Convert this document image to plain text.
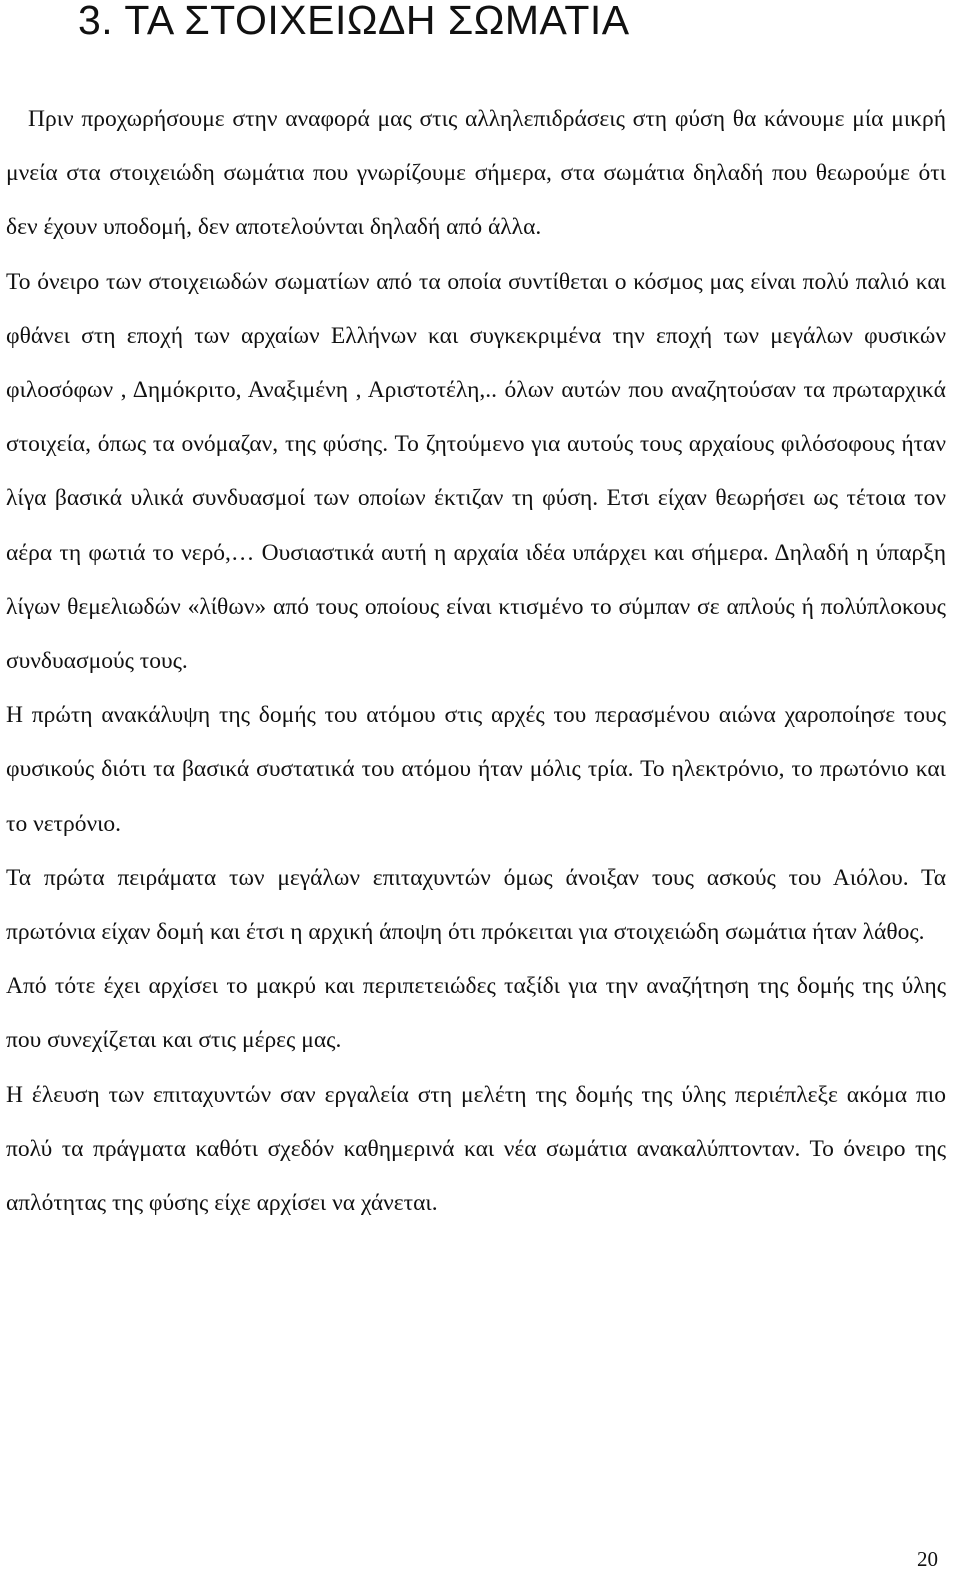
3. ΤΑ ΣΤΟΙΧΕΙΩΔΗ ΣΩΜΑΤΙΑ

Πριν προχωρήσουμε στην αναφορά μας στις αλληλεπιδράσεις στη φύση θα κάνουμε μία μικρή μνεία στα στοιχειώδη σωμάτια που γνωρίζουμε σήμερα, στα σωμάτια δηλαδή που θεωρούμε ότι δεν έχουν υποδομή, δεν αποτελούνται δηλαδή από άλλα.

Το όνειρο των στοιχειωδών σωματίων από τα οποία συντίθεται ο κόσμος μας είναι πολύ παλιό και φθάνει στη εποχή των αρχαίων Ελλήνων και συγκεκριμένα την εποχή των μεγάλων φυσικών φιλοσόφων , Δημόκριτο, Αναξιμένη , Αριστοτέλη,.. όλων αυτών που αναζητούσαν τα πρωταρχικά στοιχεία, όπως τα ονόμαζαν, της φύσης. Το ζητούμενο για αυτούς τους αρχαίους φιλόσοφους ήταν λίγα βασικά υλικά συνδυασμοί των οποίων έκτιζαν τη φύση. Ετσι είχαν θεωρήσει ως τέτοια τον αέρα τη φωτιά το νερό,… Ουσιαστικά αυτή η αρχαία ιδέα υπάρχει και σήμερα. Δηλαδή η ύπαρξη λίγων θεμελιωδών «λίθων» από τους οποίους είναι κτισμένο το σύμπαν σε απλούς ή πολύπλοκους συνδυασμούς τους.

Η πρώτη ανακάλυψη της δομής του ατόμου στις αρχές του περασμένου αιώνα χαροποίησε τους φυσικούς διότι τα βασικά συστατικά του ατόμου ήταν μόλις τρία. Το ηλεκτρόνιο, το πρωτόνιο και το νετρόνιο.

Τα πρώτα πειράματα των μεγάλων επιταχυντών όμως άνοιξαν τους ασκούς του Αιόλου. Τα πρωτόνια είχαν δομή και έτσι η αρχική άποψη ότι πρόκειται για στοιχειώδη σωμάτια ήταν λάθος.

Από τότε έχει αρχίσει το μακρύ και περιπετειώδες ταξίδι για την αναζήτηση της δομής της ύλης που συνεχίζεται και στις μέρες μας.

Η έλευση των επιταχυντών σαν εργαλεία στη μελέτη της δομής της ύλης περιέπλεξε ακόμα πιο πολύ τα πράγματα καθότι σχεδόν καθημερινά και νέα σωμάτια ανακαλύπτονταν. Το όνειρο της απλότητας της φύσης είχε αρχίσει να χάνεται.

20
